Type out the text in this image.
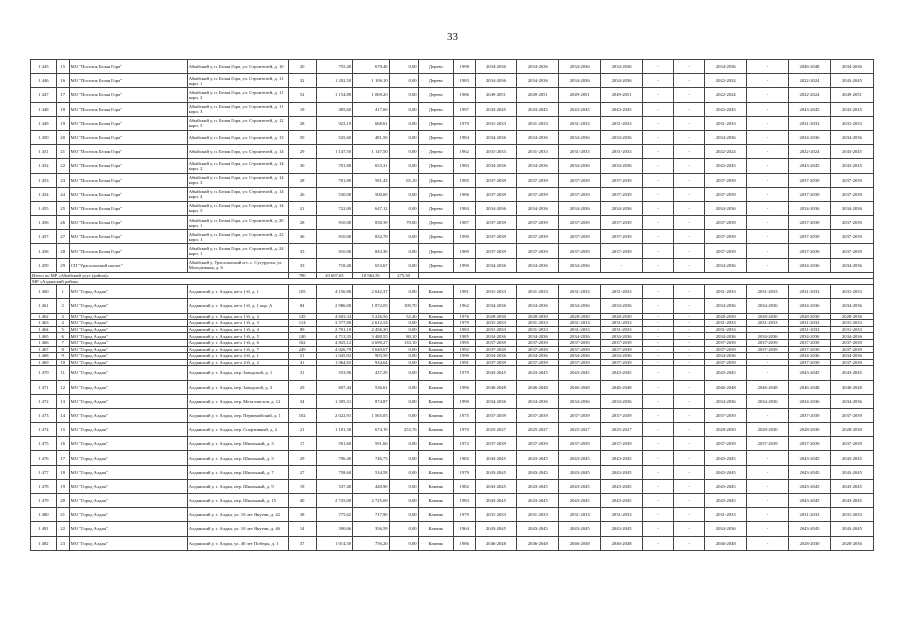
33
1 445	15	МО "Поселок Белая Гора"	Абыйский у, п. Белая Гора, ул. Строителей, д. 10	20	755,40	678,40	0,00	Дерево	1998	2034-2036	2034-2036	2034-2036	2034-2036	-	-	2034-2036	-	2046-2048	2034-2036
1 446	16	МО "Поселок Белая Гора"	Абыйский у, п. Белая Гора, ул. Строителей, д. 11 корп. 1	32	1 202,50	1 106,10	0,00	Дерево	1983	2034-2036	2034-2036	2034-2036	2034-2036	-	-	2022-2024	-	2022-2024	2043-2045
1 447	17	МО "Поселок Белая Гора"	Абыйский у, п. Белая Гора, ул. Строителей, д. 11 корп. 2	52	1 154,80	1 069,20	0,00	Дерево	1986	2049-2051	2049-2051	2049-2051	2049-2051	-	-	2022-2024	-	2022-2024	2049-2051
1 448	18	МО "Поселок Белая Гора"	Абыйский у, п. Белая Гора, ул. Строителей, д. 11 корп. 3	19	485,60	417,60	0,00	Дерево	1997	2043-2045	2043-2045	2043-2045	2043-2045	-	-	2043-2045	-	2043-2045	2043-2045
1 449	19	МО "Поселок Белая Гора"	Абыйский у, п. Белая Гора, ул. Строителей, д. 12 корп. 5	28	923,19	668,61	0,00	Дерево	1979	2031-2033	2031-2033	2031-2033	2031-2033	-	-	2031-2033	-	2031-2033	2031-2033
1 450	20	МО "Поселок Белая Гора"	Абыйский у, п. Белая Гора, ул. Строителей, д. 13	50	525,60	481,50	0,00	Дерево	1984	2034-2036	2034-2036	2034-2036	2034-2036	-	-	2034-2036	-	2034-2036	2034-2036
1 451	21	МО "Поселок Белая Гора"	Абыйский у, п. Белая Гора, ул. Строителей, д. 14	29	1 147,50	1 147,50	0,00	Дерево	1962	2031-2033	2031-2033	2031-2033	2031-2033	-	-	2022-2024	-	2022-2024	2043-2045
1 452	22	МО "Поселок Белая Гора"	Абыйский у, п. Белая Гора, ул. Строителей, д. 14 корп. 2	30	701,80	653,31	0,00	Дерево	1983	2034-2036	2034-2036	2034-2036	2034-2036	-	-	2043-2045	-	2043-2045	2043-2045
1 453	23	МО "Поселок Белая Гора"	Абыйский у, п. Белая Гора, ул. Строителей, д. 14 корп. 3	28	701,80	581,43	65,10	Дерево	1985	2037-2039	2037-2039	2037-2039	2037-2039	-	-	2037-2039	-	2037-2039	2037-2039
1 454	24	МО "Поселок Белая Гора"	Абыйский у, п. Белая Гора, ул. Строителей, д. 14 корп. 4	26	530,00	500,00	0,00	Дерево	1986	2037-2039	2037-2039	2037-2039	2037-2039	-	-	2037-2039	-	2037-2039	2037-2039
1 455	25	МО "Поселок Белая Гора"	Абыйский у, п. Белая Гора, ул. Строителей, д. 14 корп. 5	21	722,00	647,12	0,00	Дерево	1984	2034-2036	2034-2036	2034-2036	2034-2036	-	-	2034-2036	-	2034-2036	2034-2036
1 456	26	МО "Поселок Белая Гора"	Абыйский у, п. Белая Гора, ул. Строителей, д. 20 корп. 1	28	910,00	830,39	79,00	Дерево	1987	2037-2039	2037-2039	2037-2039	2037-2039	-	-	2037-2039	-	2037-2039	2037-2039
1 457	27	МО "Поселок Белая Гора"	Абыйский у, п. Белая Гора, ул. Строителей, д. 22 корп. 1	36	910,00	832,70	0,00	Дерево	1990	2037-2039	2037-2039	2037-2039	2037-2039	-	-	2037-2039	-	2037-2039	2037-2039
1 458	28	МО "Поселок Белая Гора"	Абыйский у, п. Белая Гора, ул. Строителей, д. 24 корп. 1	35	910,00	843,30	0,00	Дерево	1989	2037-2039	2037-2039	2037-2039	2037-2039	-	-	2037-2039	-	2037-2039	2037-2039
1 459	29	СП "Урасалахский наслег"	Абыйский у, Урасалахский н-г, с. Сутуруоха, ул. Молодежная, д. 6	33	718,40	653,67	0,00	Дерево	1990	2034-2036	2034-2036	2034-2036	-	-	-	2034-2036	-	2034-2036	2034-2036
Итого по МР «Абыйский улус (район)»				780	20 607,65	18 962,81	275,50												
МР «Алданский район»																			
1 460	1	МО "Город Алдан"	Алданский у, г. Алдан, кв-л 1-й, д. 1	105	4 156,80	2 642,37	0,00	Камень	1981	2031-2033	2031-2033	2031-2033	2031-2033	-	-	2031-2033	2031-2033	2031-2033	2031-2033
1 461	2	МО "Город Алдан"	Алданский у, г. Алдан, кв-л 1-й, д. 1 кор. А	84	2 986,00	1 872,05	109,70	Камень	1962	2034-2036	2034-2036	2034-2036	2034-2036	-	-	2034-2036	2034-2036	2034-2036	2034-2036
1 462	3	МО "Город Алдан"	Алданский у, г. Алдан, кв-л 1-й, д. 2	145	4 603,34	3 226,56	52,40	Камень	1976	2028-2030	2028-2030	2028-2030	2028-2030	-	-	2028-2030	2028-2030	2028-2030	2028-2036
1 463	4	МО "Город Алдан"	Алданский у, г. Алдан, кв-л 1-й, д. 3	114	3 577,80	2 612,54	0,00	Камень	1979	2031-2033	2031-2033	2031-2033	2031-2033	-	-	2031-2033	2031-2033	2031-2033	2031-2033
1 464	5	МО "Город Алдан"	Алданский у, г. Алдан, кв-л 1-й, д. 4	89	2 701,10	2 456,30	0,00	Камень	1983	2031-2033	2031-2033	2031-2033	2031-2033	-	-	2031-2033	-	2031-2033	2031-2033
1 465	6	МО "Город Алдан"	Алданский у, г. Алдан, кв-л 1-й, д. 5	140	4 713,35	3 480,55	80,10	Камень	1985	2034-2036	2034-2036	2034-2036	2034-2036	-	-	2034-2036	2034-2036	2034-2036	2034-2036
1 466	7	МО "Город Алдан"	Алданский у, г. Алдан, кв-л 1-й, д. 6	162	4 825,12	4 690,27	133,10	Камень	1995	2037-2039	2037-2039	2037-2039	2037-2039	-	-	2037-2039	2037-2039	2037-2039	2037-2039
1 467	8	МО "Город Алдан"	Алданский у, г. Алдан, кв-л 1-й, д. 7	249	4 026,79	3 649,67	0,00	Камень	1992	2037-2039	2037-2039	2037-2039	2037-2039	-	-	2037-2039	2037-2039	2037-2039	2037-2039
1 468	9	МО "Город Алдан"	Алданский у, г. Алдан, кв-л 2-й, д. 1	51	1 045,92	903,59	0,00	Камень	1990	2034-2036	2034-2036	2034-2036	2034-2036	-	-	2034-2036	-	2034-2036	2034-2036
1 469	10	МО "Город Алдан"	Алданский у, г. Алдан, кв-л 2-й, д. 2	41	1 064,65	934,64	0,00	Камень	1991	2037-2039	2037-2039	2037-2039	2037-2039	-	-	2037-2039	-	2037-2039	2037-2039
1 470	11	МО "Город Алдан"	Алданский у, г. Алдан, пер. Заводской, д. 1	31	553,96	437,29	0,00	Камень	1979	2043-2045	2043-2045	2043-2045	2043-2045	-	-	2043-2045	-	2043-2045	2043-2045
1 471	12	МО "Город Алдан"	Алданский у, г. Алдан, пер. Заводской, д. 3	29	697,44	536,61	0,00	Камень	1986	2046-2048	2046-2048	2046-2048	2046-2048	-	-	2046-2048	2046-2048	2046-2048	2046-2048
1 472	13	МО "Город Алдан"	Алданский у, г. Алдан, пер. Металлистов, д. 12	34	1 395,31	874,87	0,00	Камень	1990	2034-2036	2034-2036	2034-2036	2034-2036	-	-	2034-2036	2034-2036	2034-2036	2034-2036
1 473	14	МО "Город Алдан"	Алданский у, г. Алдан, пер. Первомайский, д. 1	102	2 022,91	1 565,05	0,00	Камень	1975	2037-2039	2037-2039	2037-2039	2037-2039	-	-	2037-2039	-	2037-2039	2037-2039
1 474	15	МО "Город Алдан"	Алданский у, г. Алдан, пер. Спортивный, д. 2	21	1 101,30	674,19	253,76	Камень	1970	2025-2027	2025-2027	2025-2027	2025-2027	-	-	2028-2030	2028-2030	2028-2030	2028-2030
1 475	16	МО "Город Алдан"	Алданский у, г. Алдан, пер. Школьный, д. 3	17	591,60	591,60	0,00	Камень	1972	2037-2039	2037-2039	2037-2039	2037-2039	-	-	2037-2039	2037-2039	2037-2039	2037-2039
1 476	17	МО "Город Алдан"	Алданский у, г. Алдан, пер. Школьный, д. 5	29	796,40	746,73	0,00	Камень	1982	2043-2045	2043-2045	2043-2045	2043-2045	-	-	2043-2045	-	2043-2045	2043-2045
1 477	18	МО "Город Алдан"	Алданский у, г. Алдан, пер. Школьный, д. 7	27	758,60	534,58	0,00	Камень	1979	2043-2045	2043-2045	2043-2045	2043-2045	-	-	2043-2045	-	2043-2045	2043-2045
1 478	19	МО "Город Алдан"	Алданский у, г. Алдан, пер. Школьный, д. 9	19	537,40	440,90	0,00	Камень	1982	2043-2045	2043-2045	2043-2045	2043-2045	-	-	2043-2045	-	2043-2045	2043-2045
1 479	20	МО "Город Алдан"	Алданский у, г. Алдан, пер. Школьный, д. 15	40	2 725,00	2 725,00	0,00	Камень	1983	2043-2045	2043-2045	2043-2045	2043-2045	-	-	2043-2045	-	2043-2045	2043-2045
1 480	21	МО "Город Алдан"	Алданский у, г. Алдан, ул. 10 лет Якутии, д. 42	38	775,62	717,90	0,00	Камень	1979	2031-2033	2031-2033	2031-2033	2031-2033	-	-	2031-2033	-	2031-2033	2031-2033
1 481	22	МО "Город Алдан"	Алданский у, г. Алдан, ул. 10 лет Якутии, д. 46	14	390,66	356,59	0,00	Камень	1964	2043-2045	2043-2045	2043-2045	2043-2045	-	-	2034-2036	-	2043-2045	2043-2045
1 482	23	МО "Город Алдан"	Алданский у, г. Алдан, ул. 40 лет Победы, д. 1	37	1 014,50	756,20	0,00	Камень	1986	2046-2048	2046-2048	2046-2048	2046-2048	-	-	2046-2048	-	2028-2030	2028-2036
